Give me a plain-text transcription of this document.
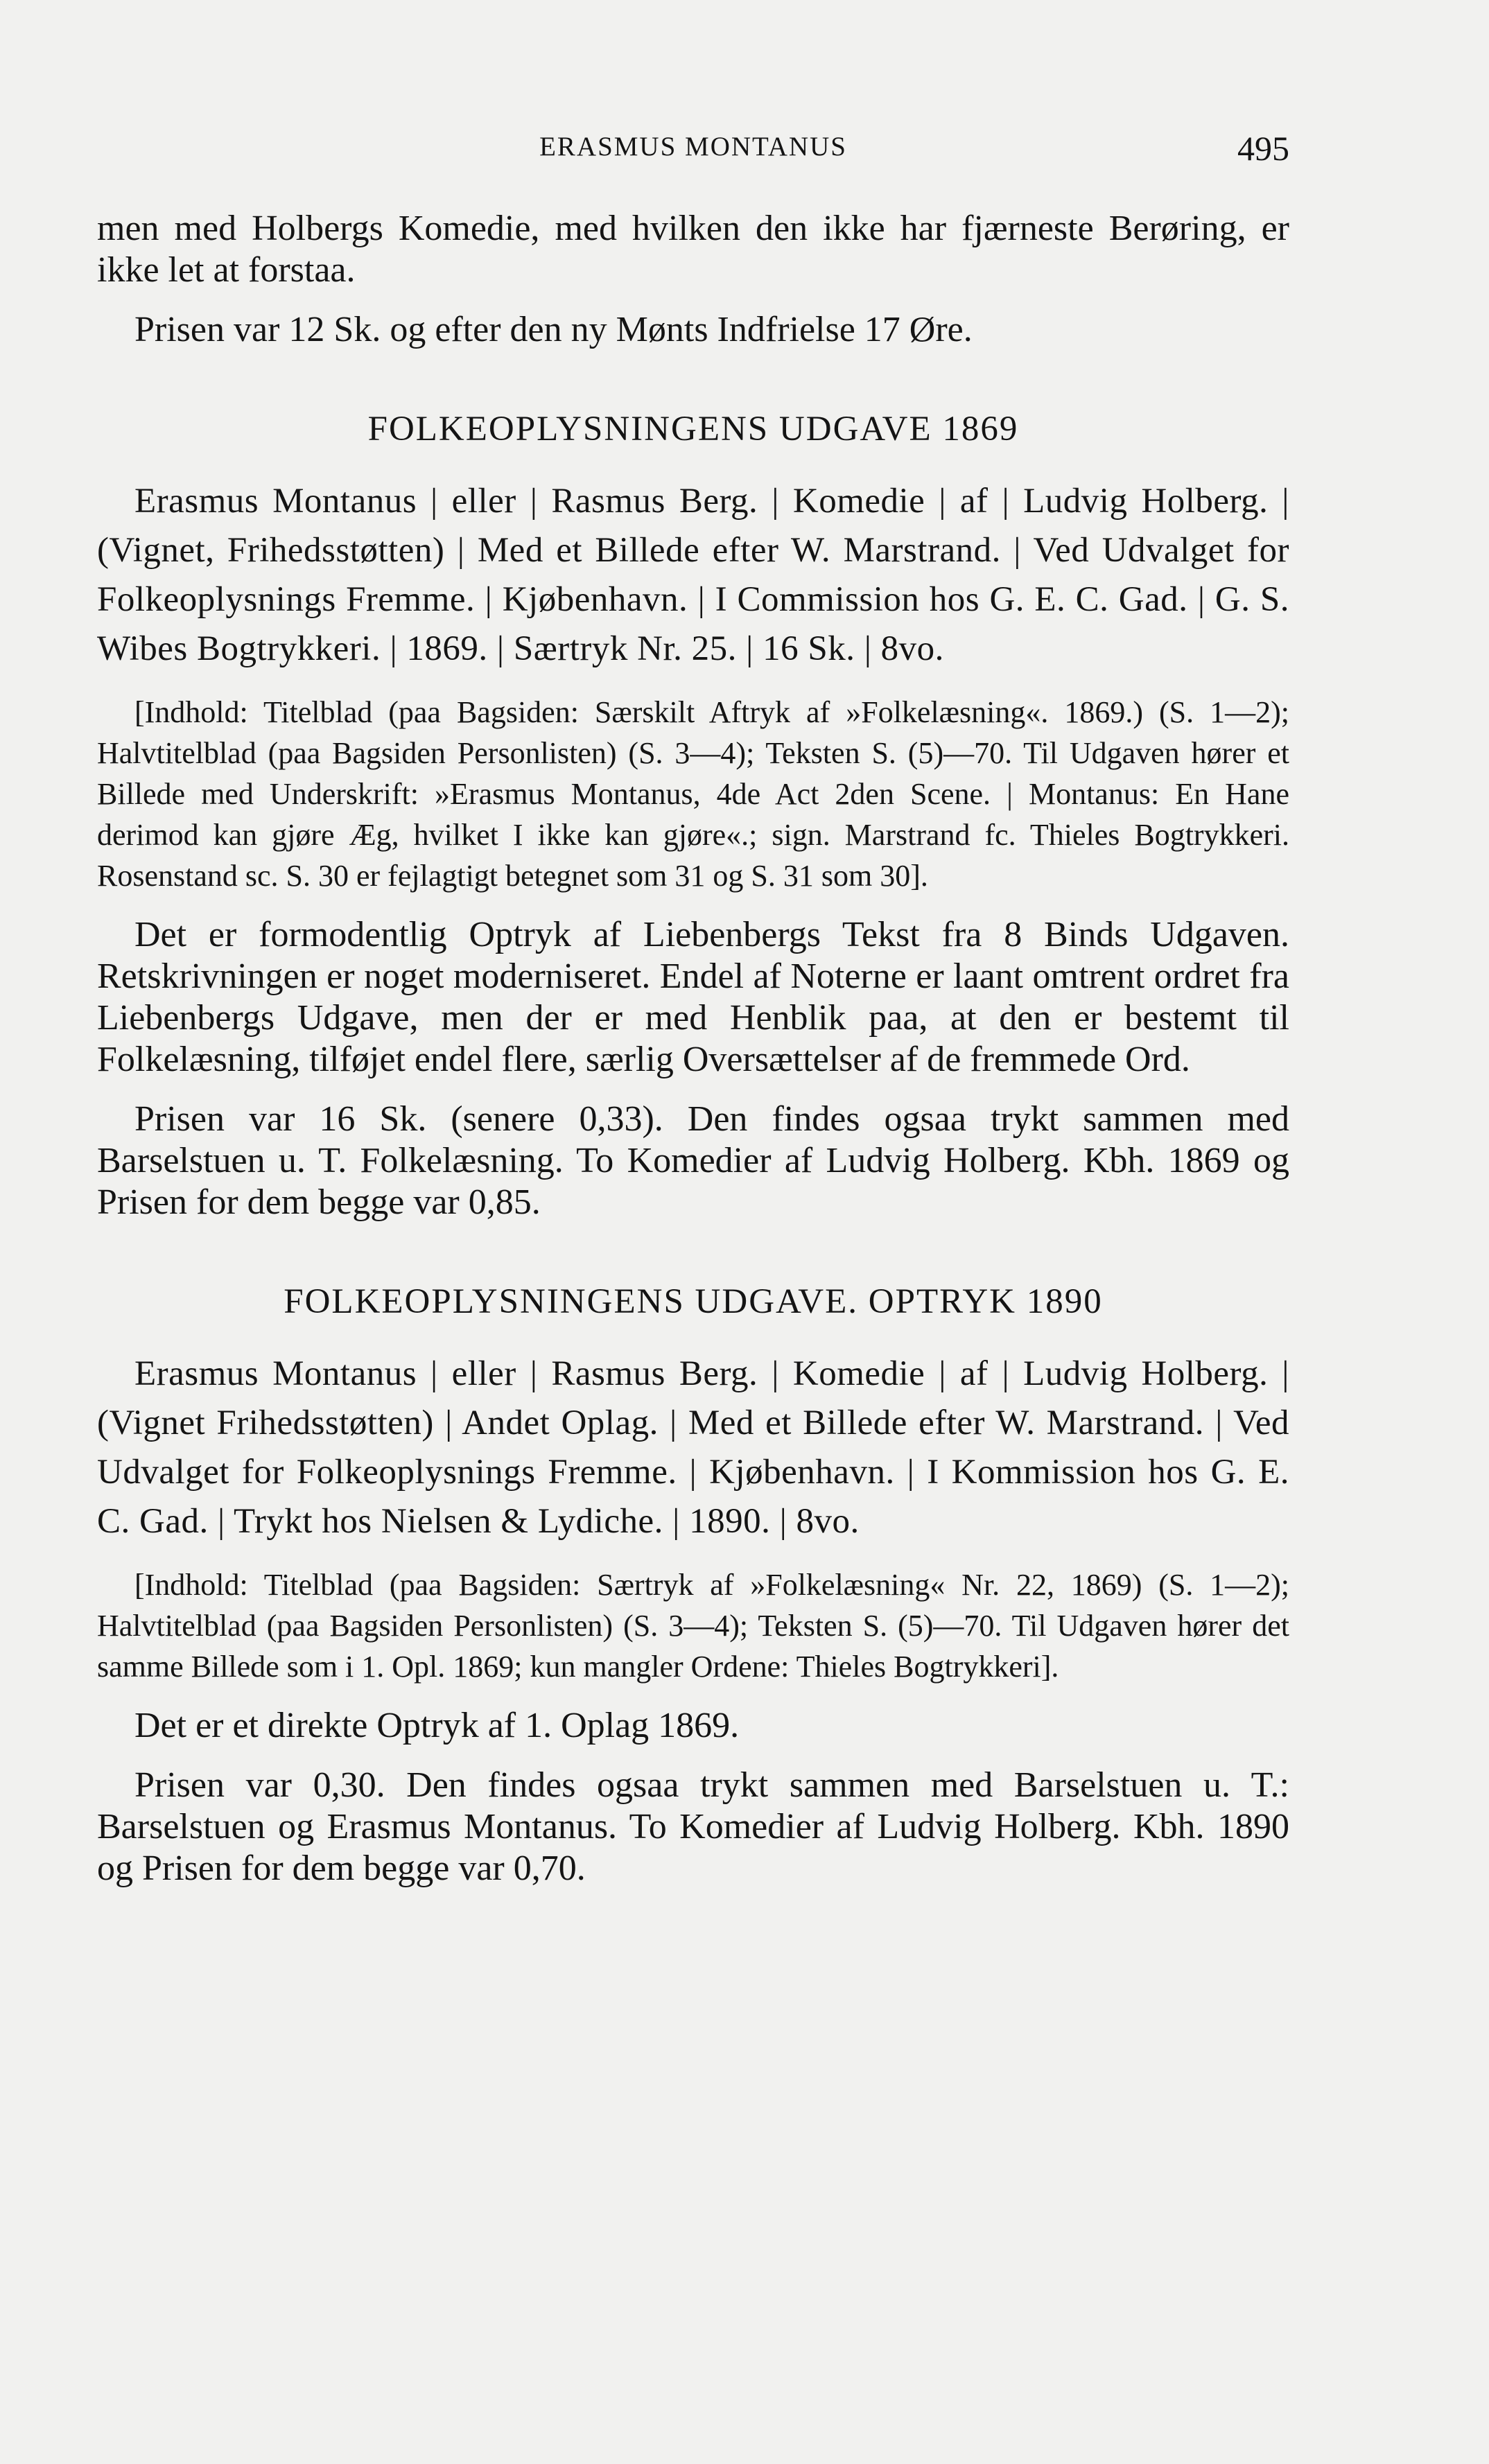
ERASMUS MONTANUS	495

men med Holbergs Komedie, med hvilken den ikke har fjærneste Berøring, er ikke let at forstaa.

Prisen var 12 Sk. og efter den ny Mønts Indfrielse 17 Øre.

FOLKEOPLYSNINGENS UDGAVE 1869

Erasmus Montanus | eller | Rasmus Berg. | Komedie | af | Ludvig Holberg. | (Vignet, Frihedsstøtten) | Med et Billede efter W. Marstrand. | Ved Udvalget for Folkeoplysnings Fremme. | Kjøbenhavn. | I Commission hos G. E. C. Gad. | G. S. Wibes Bogtrykkeri. | 1869. | Særtryk Nr. 25. | 16 Sk. | 8vo.

[Indhold: Titelblad (paa Bagsiden: Særskilt Aftryk af »Folkelæsning«. 1869.) (S. 1—2); Halvtitelblad (paa Bagsiden Personlisten) (S. 3—4); Teksten S. (5)—70. Til Udgaven hører et Billede med Underskrift: »Erasmus Montanus, 4de Act 2den Scene. | Montanus: En Hane derimod kan gjøre Æg, hvilket I ikke kan gjøre«.; sign. Marstrand fc. Thieles Bogtrykkeri. Rosenstand sc. S. 30 er fejlagtigt betegnet som 31 og S. 31 som 30].

Det er formodentlig Optryk af Liebenbergs Tekst fra 8 Binds Udgaven. Retskrivningen er noget moderniseret. Endel af Noterne er laant omtrent ordret fra Liebenbergs Udgave, men der er med Henblik paa, at den er bestemt til Folkelæsning, tilføjet endel flere, særlig Oversættelser af de fremmede Ord.

Prisen var 16 Sk. (senere 0,33). Den findes ogsaa trykt sammen med Barselstuen u. T. Folkelæsning. To Komedier af Ludvig Holberg. Kbh. 1869 og Prisen for dem begge var 0,85.

FOLKEOPLYSNINGENS UDGAVE. OPTRYK 1890

Erasmus Montanus | eller | Rasmus Berg. | Komedie | af | Ludvig Holberg. | (Vignet Frihedsstøtten) | Andet Oplag. | Med et Billede efter W. Marstrand. | Ved Udvalget for Folkeoplysnings Fremme. | Kjøbenhavn. | I Kommission hos G. E. C. Gad. | Trykt hos Nielsen & Lydiche. | 1890. | 8vo.

[Indhold: Titelblad (paa Bagsiden: Særtryk af »Folkelæsning« Nr. 22, 1869) (S. 1—2); Halvtitelblad (paa Bagsiden Personlisten) (S. 3—4); Teksten S. (5)—70. Til Udgaven hører det samme Billede som i 1. Opl. 1869; kun mangler Ordene: Thieles Bogtrykkeri].

Det er et direkte Optryk af 1. Oplag 1869.

Prisen var 0,30. Den findes ogsaa trykt sammen med Barselstuen u. T.: Barselstuen og Erasmus Montanus. To Komedier af Ludvig Holberg. Kbh. 1890 og Prisen for dem begge var 0,70.
